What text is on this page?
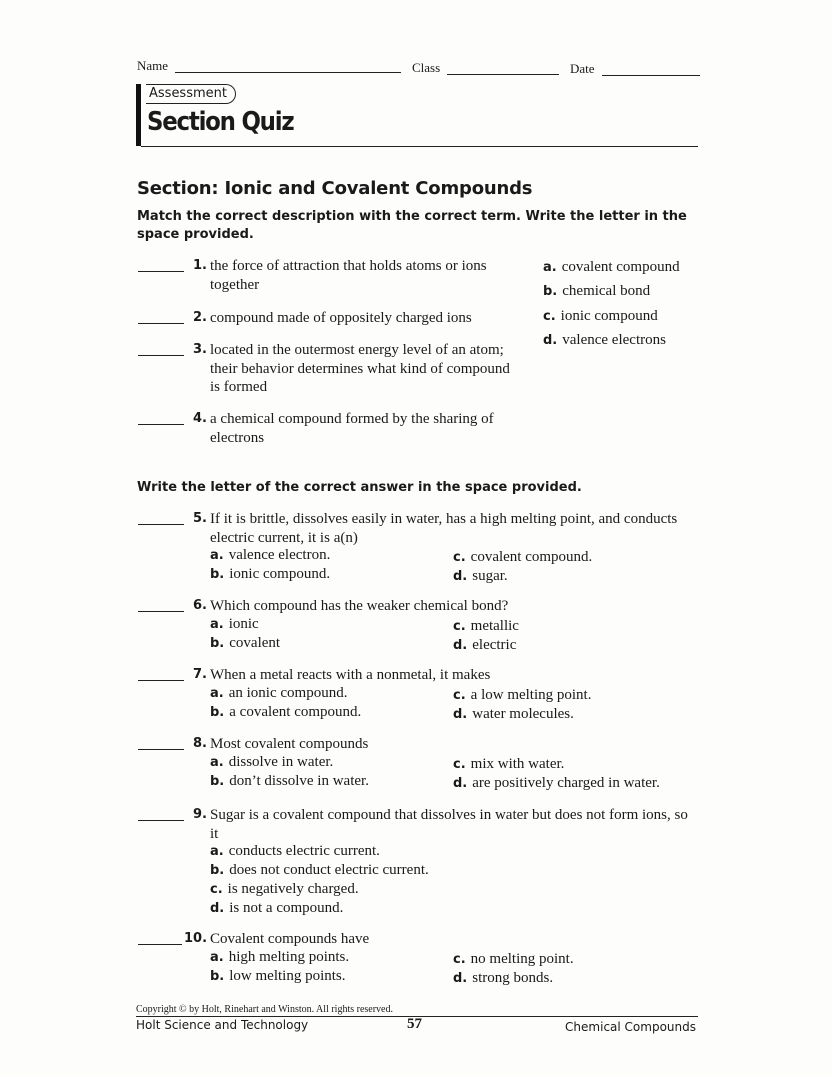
Name	Class	Date
Assessment
Section Quiz
Section: Ionic and Covalent Compounds
Match the correct description with the correct term. Write the letter in the space provided.
1. the force of attraction that holds atoms or ions together
2. compound made of oppositely charged ions
3. located in the outermost energy level of an atom; their behavior determines what kind of compound is formed
4. a chemical compound formed by the sharing of electrons
a. covalent compound
b. chemical bond
c. ionic compound
d. valence electrons
Write the letter of the correct answer in the space provided.
5. If it is brittle, dissolves easily in water, has a high melting point, and conducts electric current, it is a(n)
a. valence electron.
b. ionic compound.
c. covalent compound.
d. sugar.
6. Which compound has the weaker chemical bond?
a. ionic
b. covalent
c. metallic
d. electric
7. When a metal reacts with a nonmetal, it makes
a. an ionic compound.
b. a covalent compound.
c. a low melting point.
d. water molecules.
8. Most covalent compounds
a. dissolve in water.
b. don’t dissolve in water.
c. mix with water.
d. are positively charged in water.
9. Sugar is a covalent compound that dissolves in water but does not form ions, so it
a. conducts electric current.
b. does not conduct electric current.
c. is negatively charged.
d. is not a compound.
10. Covalent compounds have
a. high melting points.
b. low melting points.
c. no melting point.
d. strong bonds.
Copyright © by Holt, Rinehart and Winston. All rights reserved.
Holt Science and Technology	57	Chemical Compounds
